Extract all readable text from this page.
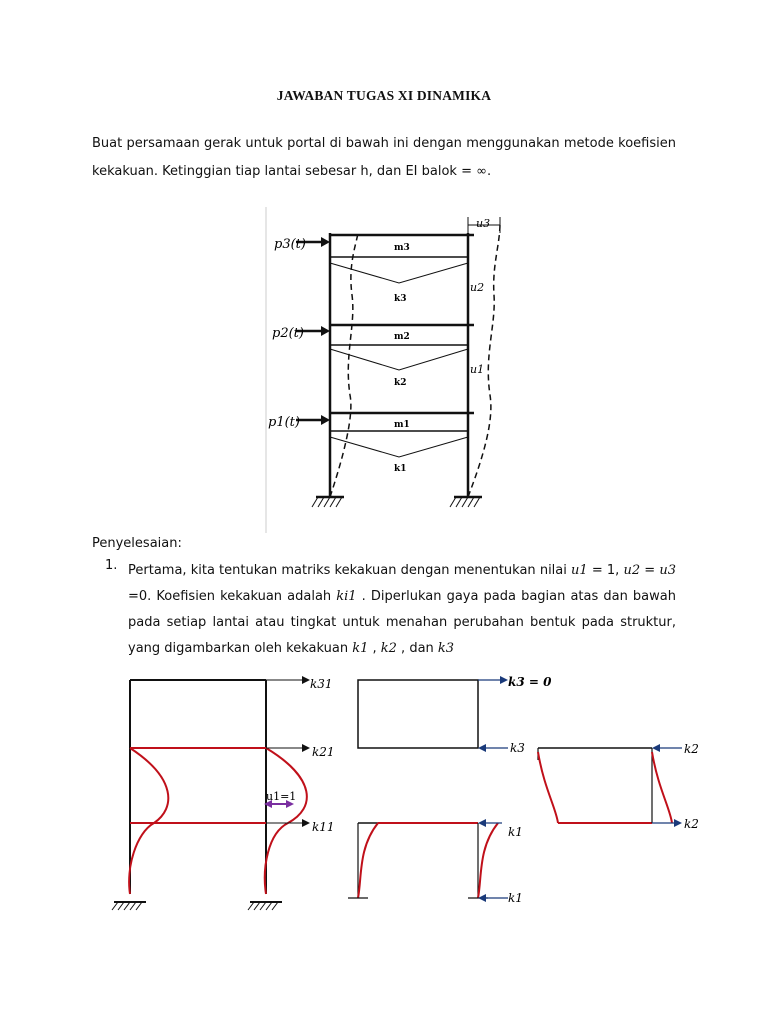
JAWABAN TUGAS XI DINAMIKA
Buat persamaan gerak untuk portal di bawah ini dengan menggunakan metode koefisien kekakuan. Ketinggian tiap lantai sebesar h, dan EI balok = ∞.
p3(t)
p2(t)
p1(t)
m3
m2
m1
k3
k2
k1
u3
u2
u1
Penyelesaian:
1. Pertama, kita tentukan matriks kekakuan dengan menentukan nilai u1 = 1, u2 = u3 =0. Koefisien kekakuan adalah ki1 . Diperlukan gaya pada bagian atas dan bawah pada setiap lantai atau tingkat untuk menahan perubahan bentuk pada struktur, yang digambarkan oleh kekakuan k1 , k2 , dan k3
k31
k21
k11
u1=1
k3 = 0
k3
k1
k1
k2
k2
